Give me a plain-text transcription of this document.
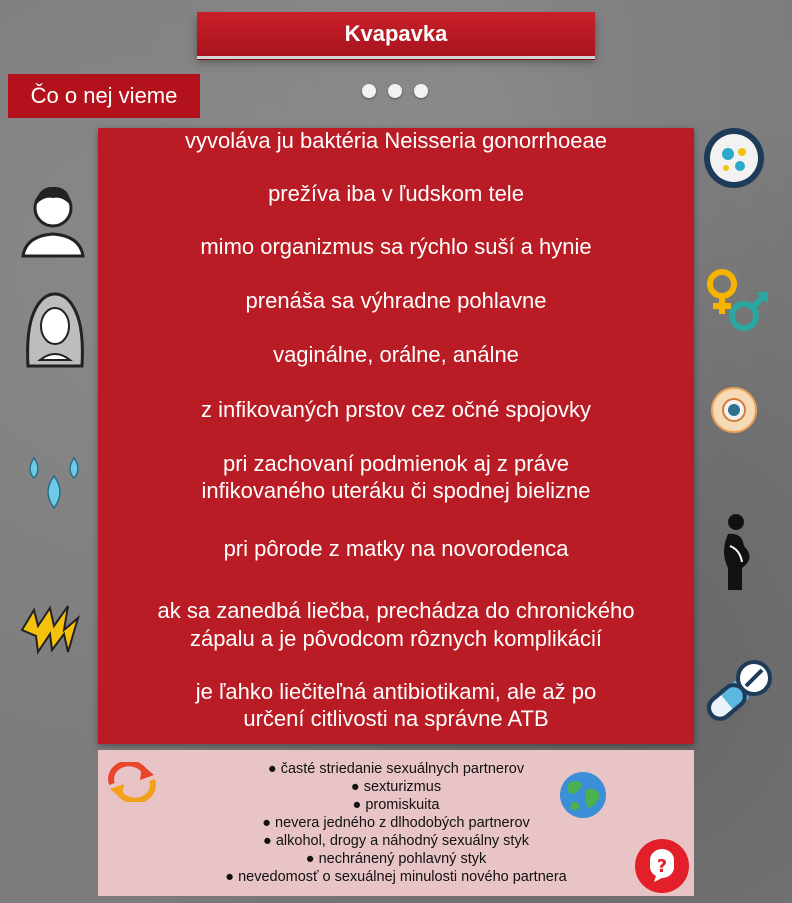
Kvapavka
Čo o nej vieme
vyvoláva ju baktéria Neisseria gonorrhoeae
prežíva iba v ľudskom tele
mimo organizmus sa rýchlo suší a hynie
prenáša sa výhradne pohlavne
vaginálne, orálne, análne
z infikovaných prstov cez očné spojovky
pri zachovaní podmienok aj z práve
infikovaného uteráku či spodnej bielizne
pri pôrode z matky na novorodenca
ak sa zanedbá liečba, prechádza do chronického
zápalu a je pôvodcom rôznych komplikácií
je ľahko liečiteľná antibiotikami, ale až po
určení citlivosti na správne ATB
● časté striedanie sexuálnych partnerov
● sexturizmus
● promiskuita
● nevera jedného z dlhodobých partnerov
● alkohol, drogy a náhodný sexuálny styk
● nechránený pohlavný styk
● nevedomosť o sexuálnej minulosti nového partnera	?
